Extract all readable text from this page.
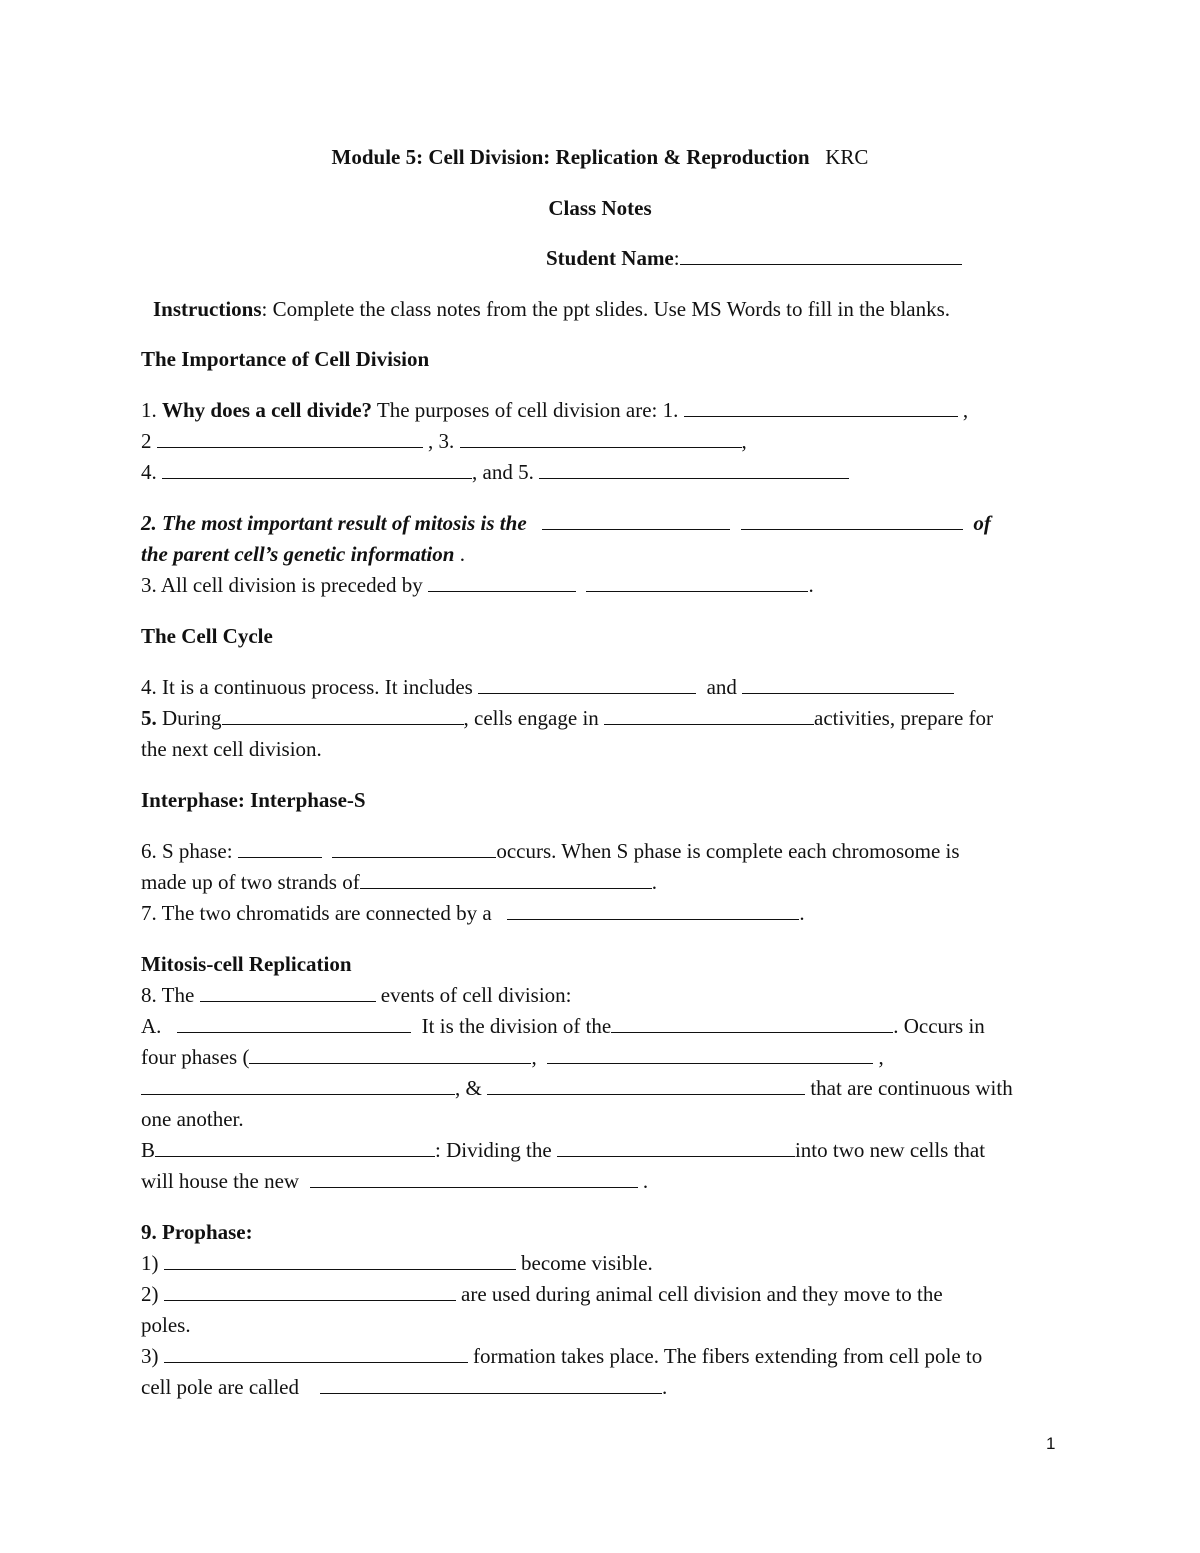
Module 5: Cell Division: Replication & Reproduction KRC
Class Notes
Student Name:
Instructions: Complete the class notes from the ppt slides. Use MS Words to fill in the blanks.
The Importance of Cell Division
1. Why does a cell divide? The purposes of cell division are: 1.	,
2	, 3.	,
4.	, and 5.
2. The most important result of mitosis is the	of
the parent cell’s genetic information .
3. All cell division is preceded by	.
The Cell Cycle
4. It is a continuous process. It includes	and
5. During	, cells engage in	activities, prepare for
the next cell division.
Interphase: Interphase-S
6. S phase:	occurs. When S phase is complete each chromosome is
made up of two strands of	.
7. The two chromatids are connected by a	.
Mitosis-cell Replication
8. The	events of cell division:
A.	It is the division of the	. Occurs in
four phases (	,	,
, &	that are continuous with
one another.
B	: Dividing the	into two new cells that
will house the new	.
9. Prophase:
1)	become visible.
2)	are used during animal cell division and they move to the
poles.
3)	formation takes place. The fibers extending from cell pole to
cell pole are called	.
1
